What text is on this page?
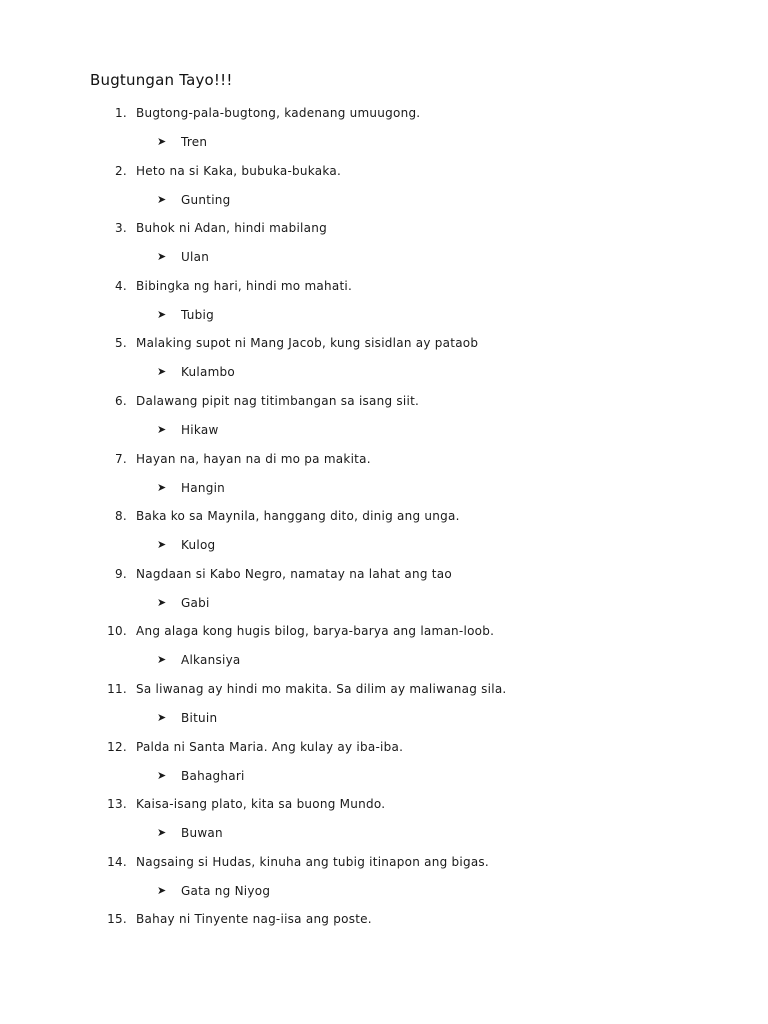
Bugtungan Tayo!!!
1. Bugtong-pala-bugtong, kadenang umuugong.
➤ Tren
2. Heto na si Kaka, bubuka-bukaka.
➤ Gunting
3. Buhok ni Adan, hindi mabilang
➤ Ulan
4. Bibingka ng hari, hindi mo mahati.
➤ Tubig
5. Malaking supot ni Mang Jacob, kung sisidlan ay pataob
➤ Kulambo
6. Dalawang pipit nag titimbangan sa isang siit.
➤ Hikaw
7. Hayan na, hayan na di mo pa makita.
➤ Hangin
8. Baka ko sa Maynila, hanggang dito, dinig ang unga.
➤ Kulog
9. Nagdaan si Kabo Negro, namatay na lahat ang tao
➤ Gabi
10. Ang alaga kong hugis bilog, barya-barya ang laman-loob.
➤ Alkansiya
11. Sa liwanag ay hindi mo makita. Sa dilim ay maliwanag sila.
➤ Bituin
12. Palda ni Santa Maria. Ang kulay ay iba-iba.
➤ Bahaghari
13. Kaisa-isang plato, kita sa buong Mundo.
➤ Buwan
14. Nagsaing si Hudas, kinuha ang tubig itinapon ang bigas.
➤ Gata ng Niyog
15. Bahay ni Tinyente nag-iisa ang poste.
